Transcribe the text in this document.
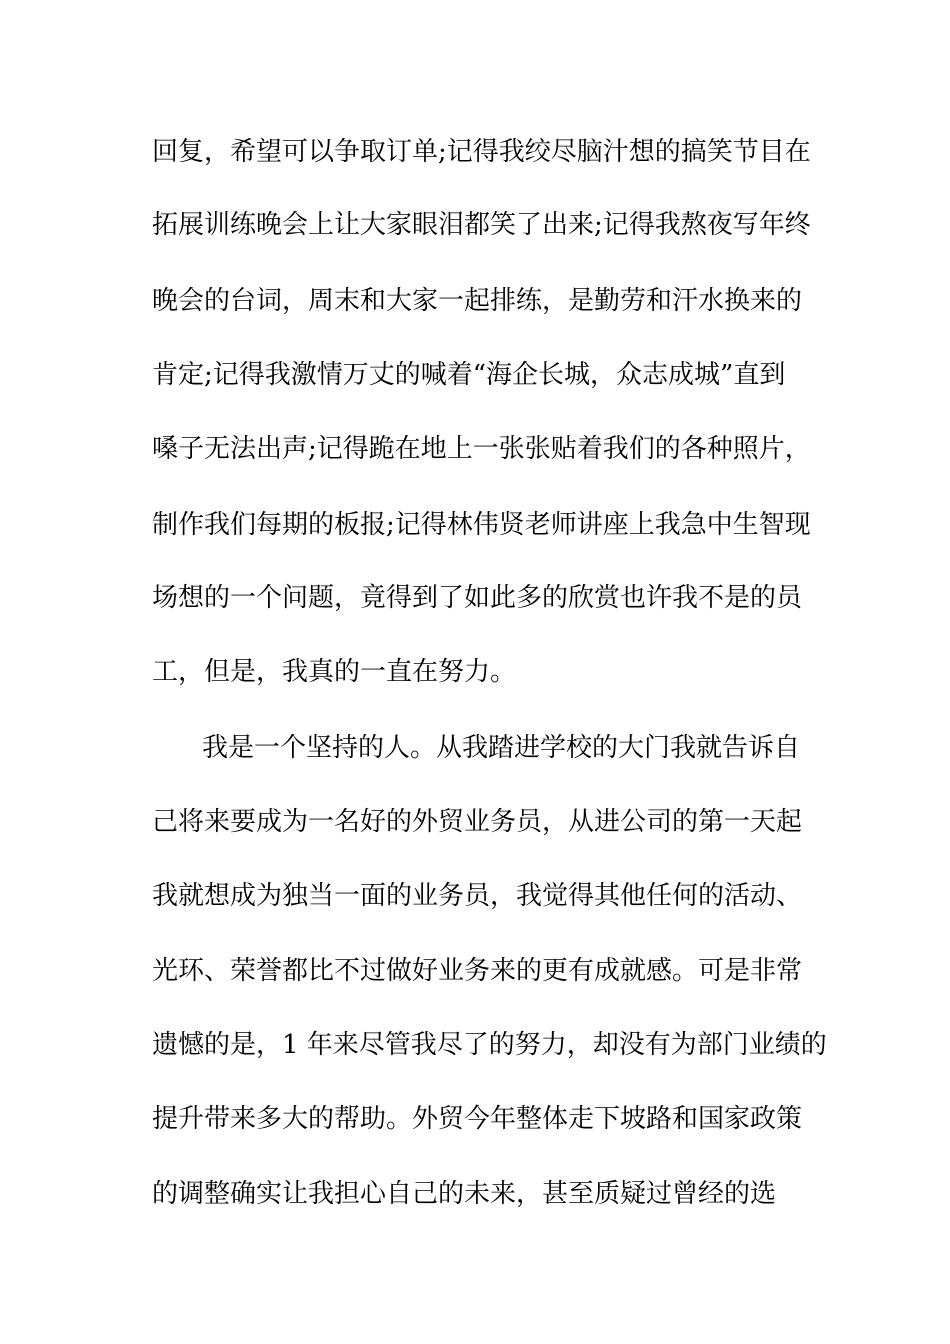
回复，希望可以争取订单;记得我绞尽脑汁想的搞笑节目在
拓展训练晚会上让大家眼泪都笑了出来;记得我熬夜写年终
晚会的台词，周末和大家一起排练，是勤劳和汗水换来的
肯定;记得我激情万丈的喊着“海企长城，众志成城”直到
嗓子无法出声;记得跪在地上一张张贴着我们的各种照片，
制作我们每期的板报;记得林伟贤老师讲座上我急中生智现
场想的一个问题，竟得到了如此多的欣赏也许我不是的员
工，但是，我真的一直在努力。
我是一个坚持的人。从我踏进学校的大门我就告诉自
己将来要成为一名好的外贸业务员，从进公司的第一天起
我就想成为独当一面的业务员，我觉得其他任何的活动、
光环、荣誉都比不过做好业务来的更有成就感。可是非常
遗憾的是，1 年来尽管我尽了的努力，却没有为部门业绩的
提升带来多大的帮助。外贸今年整体走下坡路和国家政策
的调整确实让我担心自己的未来，甚至质疑过曾经的选
